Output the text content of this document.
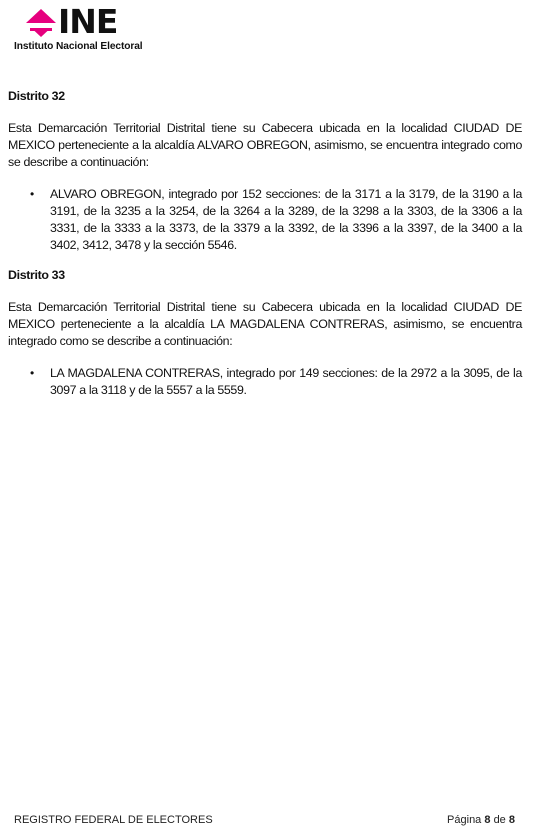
INE
Instituto Nacional Electoral

Distrito 32

Esta Demarcación Territorial Distrital tiene su Cabecera ubicada en la localidad CIUDAD DE MEXICO perteneciente a la alcaldía ALVARO OBREGON, asimismo, se encuentra integrado como se describe a continuación:

• ALVARO OBREGON, integrado por 152 secciones: de la 3171 a la 3179, de la 3190 a la 3191, de la 3235 a la 3254, de la 3264 a la 3289, de la 3298 a la 3303, de la 3306 a la 3331, de la 3333 a la 3373, de la 3379 a la 3392, de la 3396 a la 3397, de la 3400 a la 3402, 3412, 3478 y la sección 5546.

Distrito 33

Esta Demarcación Territorial Distrital tiene su Cabecera ubicada en la localidad CIUDAD DE MEXICO perteneciente a la alcaldía LA MAGDALENA CONTRERAS, asimismo, se encuentra integrado como se describe a continuación:

• LA MAGDALENA CONTRERAS, integrado por 149 secciones: de la 2972 a la 3095, de la 3097 a la 3118 y de la 5557 a la 5559.
REGISTRO FEDERAL DE ELECTORES	Página 8 de 8
